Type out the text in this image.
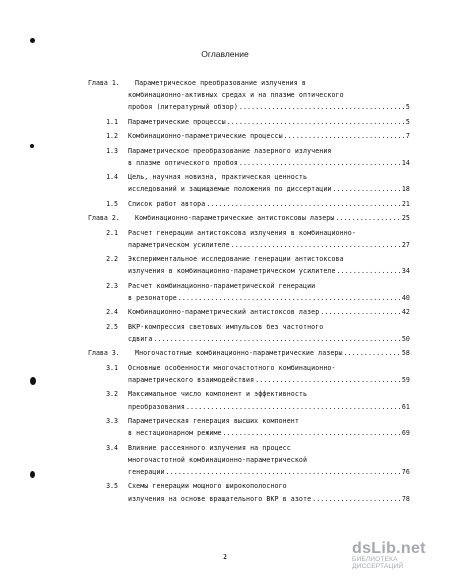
Оглавление
Глава 1. Параметрическое преобразование излучения в
комбинационно-активных средах и на плазме оптического
пробоя (литературный обзор) .....	5
1.1 Параметрические процессы .....	5
1.2 Комбинационно-параметрические процессы .....	7
1.3 Параметрическое преобразование лазерного излучения
в плазме оптического пробоя .....	14
1.4 Цель, научная новизна, практическая ценность
исследований и защищаемые положения по диссертации .....	18
1.5 Список работ автора .....	21
Глава 2. Комбинационно-параметрические антистоксовы лазеры .....	25
2.1 Расчет генерации антистоксова излучения в комбинационно-
параметрическом усилителе .....	27
2.2 Экспериментальное исследование генерации антистоксова
излучения в комбинационно-параметрическом усилителе .....	34
2.3 Расчет комбинационно-параметрической генерации
в резонаторе .....	40
2.4 Комбинационно-параметрический антистоксов лазер .....	42
2.5 ВКР-компрессия световых импульсов без частотного
сдвига .....	50
Глава 3. Многочастотные комбинационно-параметрические лазеры .....	58
3.1 Основные особенности многочастотного комбинационно-
параметрического взаимодействия .....	59
3.2 Максимальное число компонент и эффективность
преобразования .....	61
3.3 Параметрическая генерация высших компонент
в нестационарном режиме .....	69
3.4 Влияние рассеянного излучения на процесс
многочастотной комбинационно-параметрической
генерации .....	76
3.5 Схемы генерации мощного широкополосного
излучения на основе вращательного ВКР в азоте .....	78
2	dsLib.net
БИБЛИОТЕКА ДИССЕРТАЦИЙ
